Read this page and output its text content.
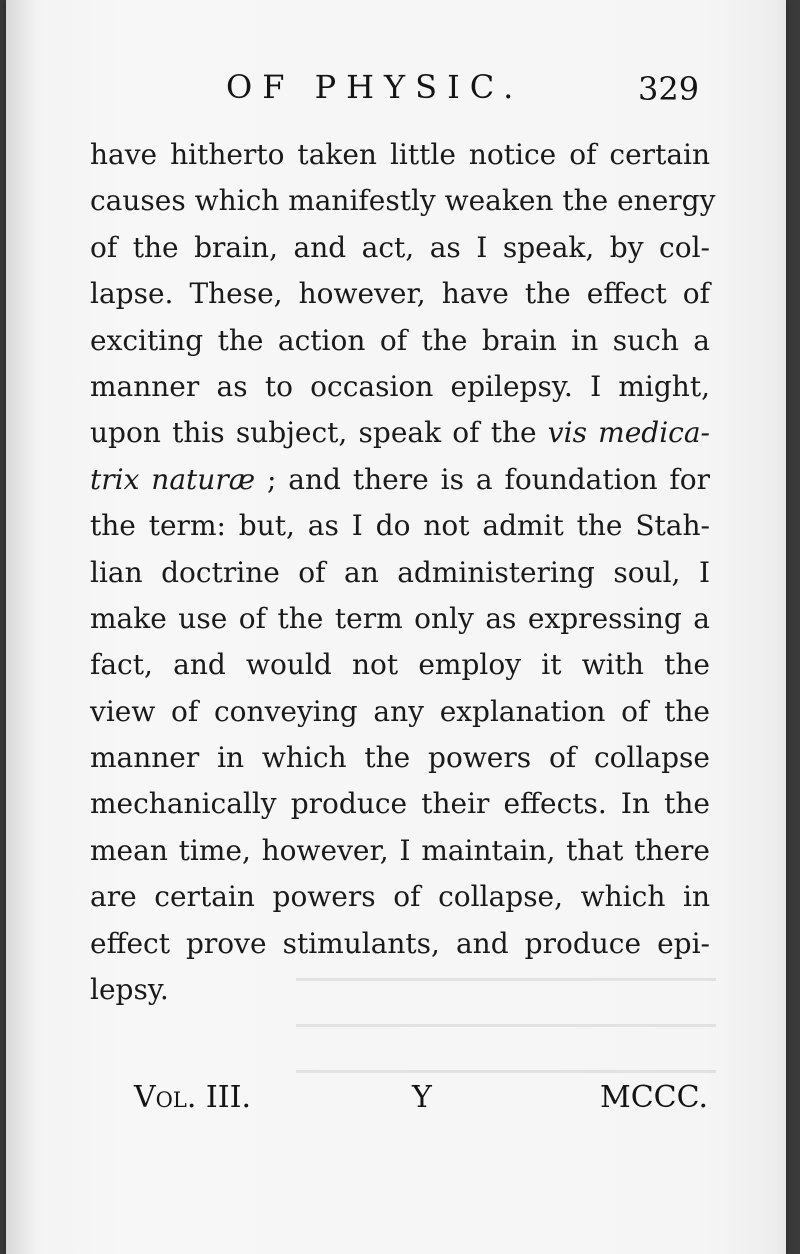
OF PHYSIC.	329
have hitherto taken little notice of certain
causes which manifestly weaken the energy
of the brain, and act, as I speak, by col-
lapse. These, however, have the effect of
exciting the action of the brain in such a
manner as to occasion epilepsy. I might,
upon this subject, speak of the vis medica-
trix naturæ ; and there is a foundation for
the term: but, as I do not admit the Stah-
lian doctrine of an administering soul, I
make use of the term only as expressing a
fact, and would not employ it with the
view of conveying any explanation of the
manner in which the powers of collapse
mechanically produce their effects. In the
mean time, however, I maintain, that there
are certain powers of collapse, which in
effect prove stimulants, and produce epi-
lepsy.
Vol. III.	Y	MCCC.
